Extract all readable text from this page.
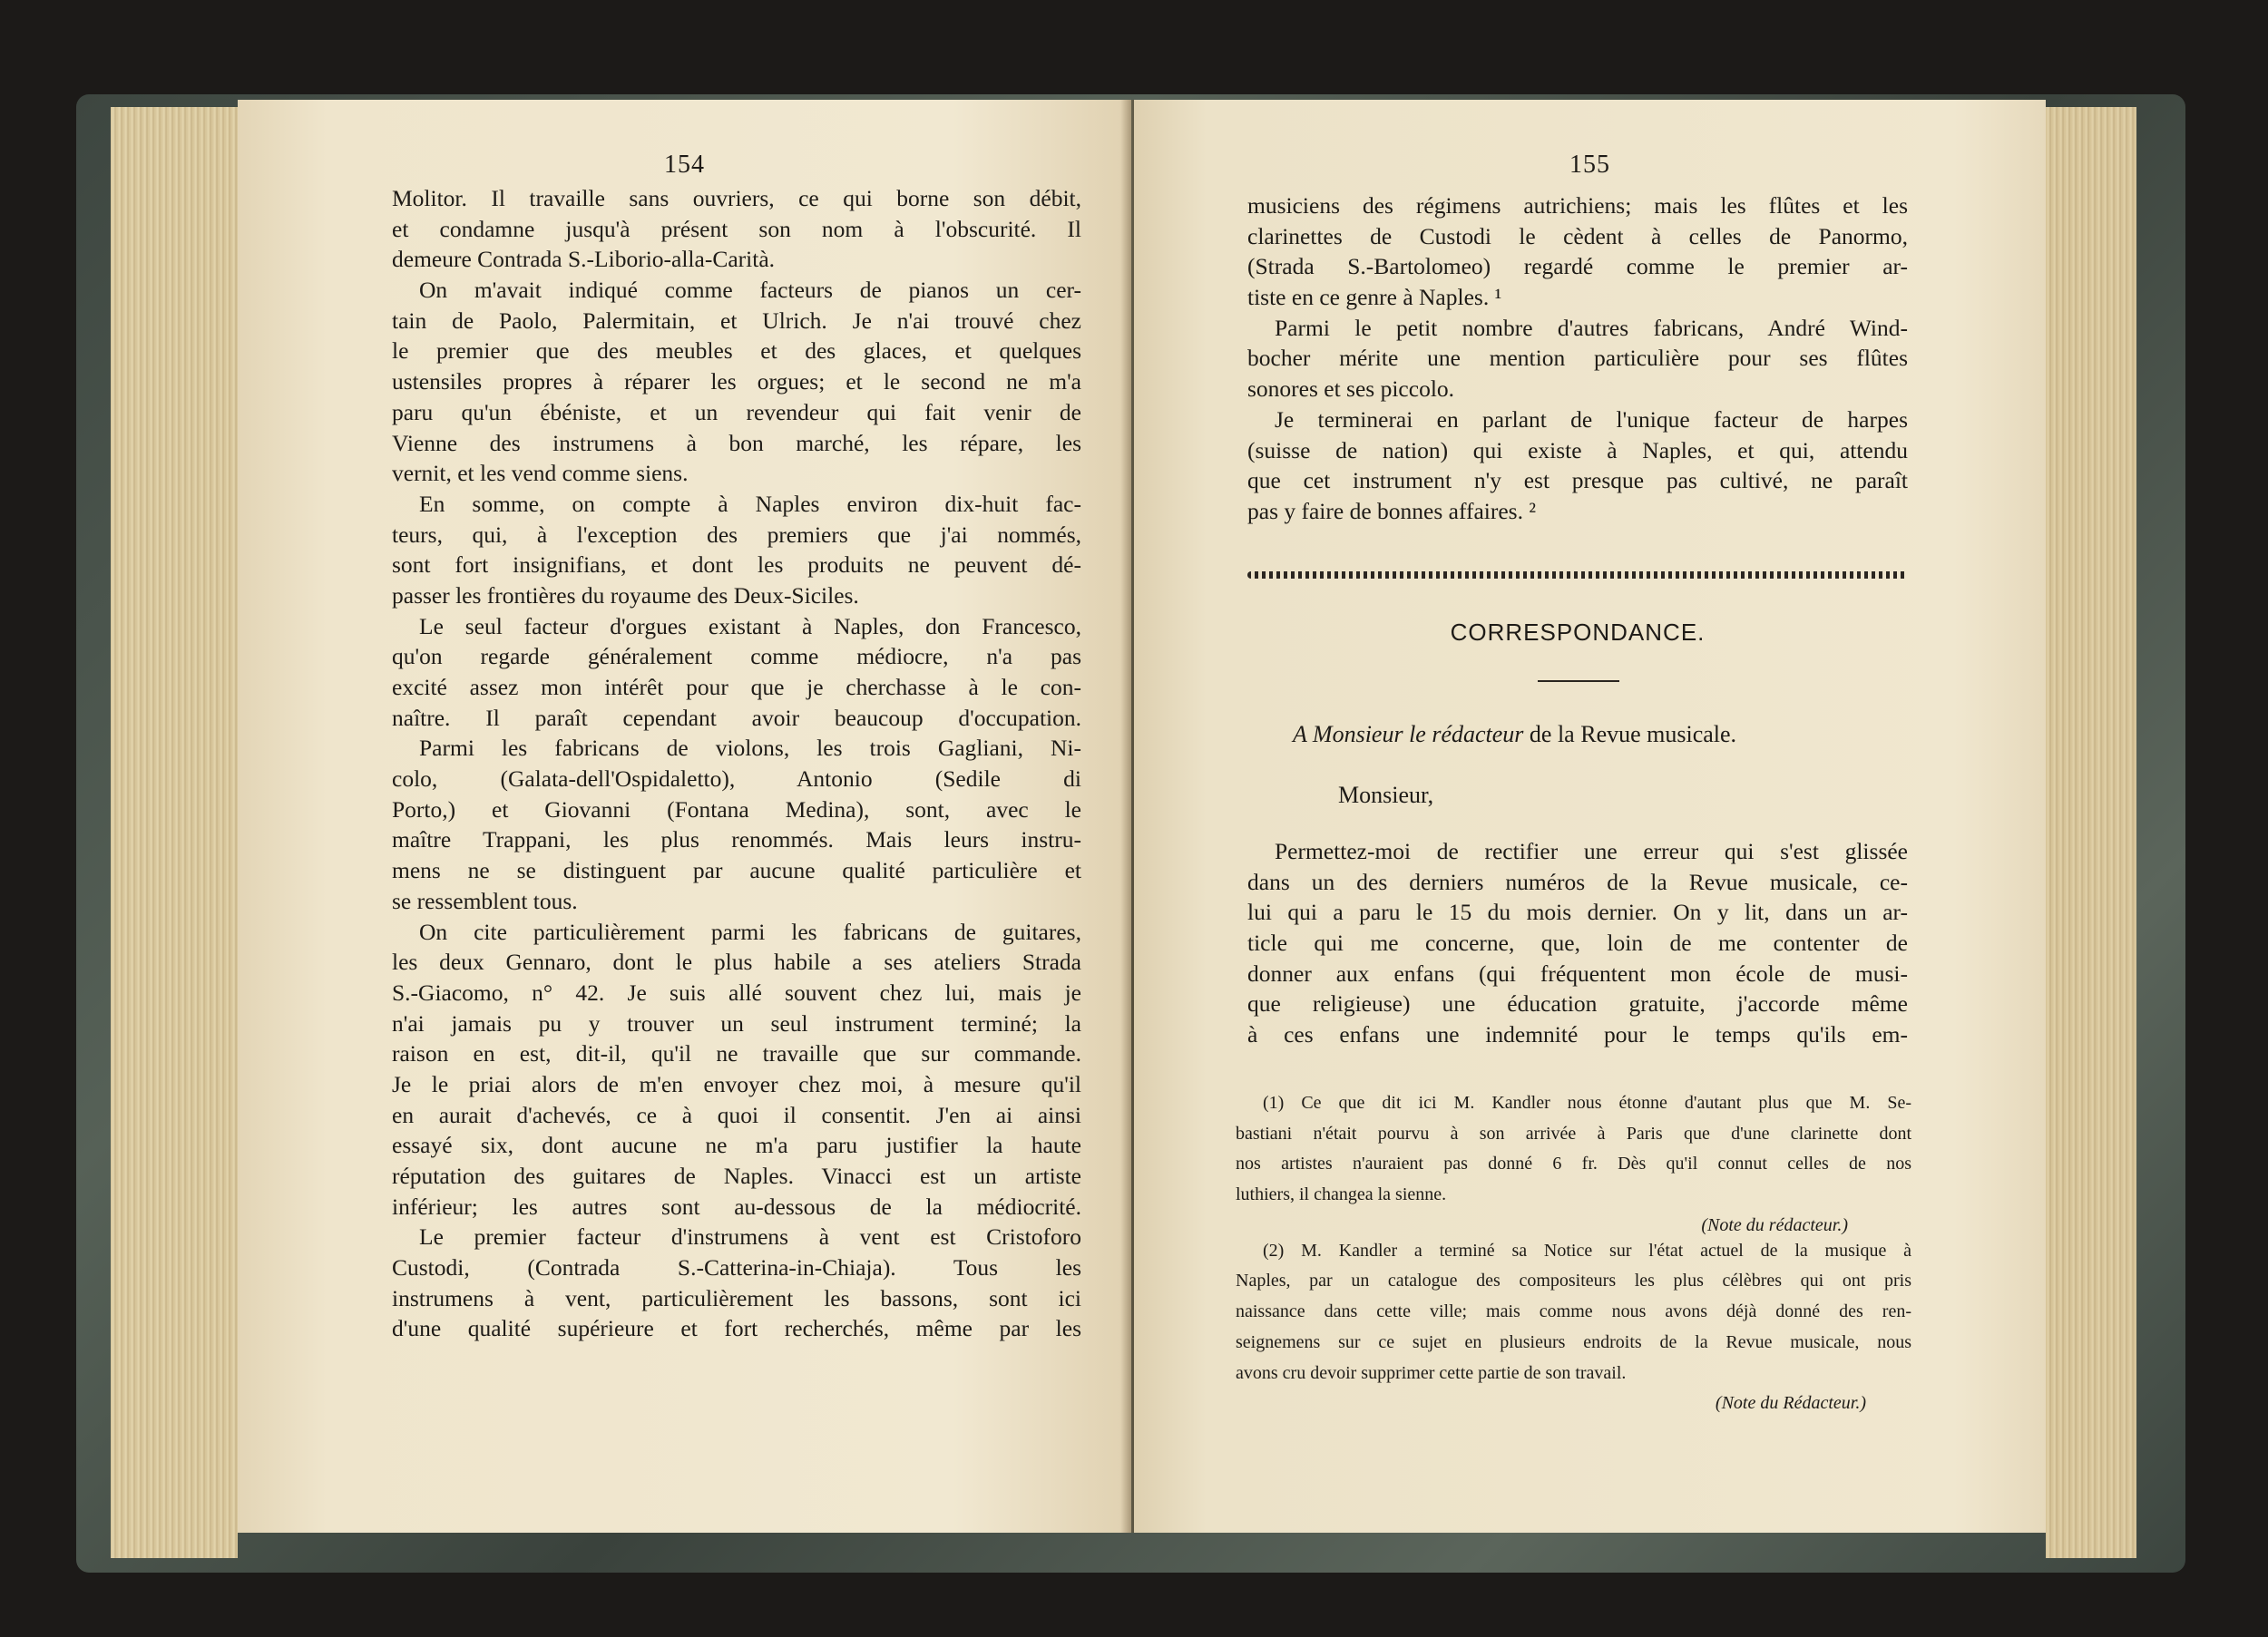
154
Molitor. Il travaille sans ouvriers, ce qui borne son débit,
et condamne jusqu'à présent son nom à l'obscurité. Il
demeure Contrada S.-Liborio-alla-Carità.
On m'avait indiqué comme facteurs de pianos un cer-
tain de Paolo, Palermitain, et Ulrich. Je n'ai trouvé chez
le premier que des meubles et des glaces, et quelques
ustensiles propres à réparer les orgues; et le second ne m'a
paru qu'un ébéniste, et un revendeur qui fait venir de
Vienne des instrumens à bon marché, les répare, les
vernit, et les vend comme siens.
En somme, on compte à Naples environ dix-huit fac-
teurs, qui, à l'exception des premiers que j'ai nommés,
sont fort insignifians, et dont les produits ne peuvent dé-
passer les frontières du royaume des Deux-Siciles.
Le seul facteur d'orgues existant à Naples, don Francesco,
qu'on regarde généralement comme médiocre, n'a pas
excité assez mon intérêt pour que je cherchasse à le con-
naître. Il paraît cependant avoir beaucoup d'occupation.
Parmi les fabricans de violons, les trois Gagliani, Ni-
colo, (Galata-dell'Ospidaletto), Antonio (Sedile di
Porto,) et Giovanni (Fontana Medina), sont, avec le
maître Trappani, les plus renommés. Mais leurs instru-
mens ne se distinguent par aucune qualité particulière et
se ressemblent tous.
On cite particulièrement parmi les fabricans de guitares,
les deux Gennaro, dont le plus habile a ses ateliers Strada
S.-Giacomo, n° 42. Je suis allé souvent chez lui, mais je
n'ai jamais pu y trouver un seul instrument terminé; la
raison en est, dit-il, qu'il ne travaille que sur commande.
Je le priai alors de m'en envoyer chez moi, à mesure qu'il
en aurait d'achevés, ce à quoi il consentit. J'en ai ainsi
essayé six, dont aucune ne m'a paru justifier la haute
réputation des guitares de Naples. Vinacci est un artiste
inférieur; les autres sont au-dessous de la médiocrité.
Le premier facteur d'instrumens à vent est Cristoforo
Custodi, (Contrada S.-Catterina-in-Chiaja). Tous les
instrumens à vent, particulièrement les bassons, sont ici
d'une qualité supérieure et fort recherchés, même par les
155
musiciens des régimens autrichiens; mais les flûtes et les
clarinettes de Custodi le cèdent à celles de Panormo,
(Strada S.-Bartolomeo) regardé comme le premier ar-
tiste en ce genre à Naples. ¹
Parmi le petit nombre d'autres fabricans, André Wind-
bocher mérite une mention particulière pour ses flûtes
sonores et ses piccolo.
Je terminerai en parlant de l'unique facteur de harpes
(suisse de nation) qui existe à Naples, et qui, attendu
que cet instrument n'y est presque pas cultivé, ne paraît
pas y faire de bonnes affaires. ²
CORRESPONDANCE.
A Monsieur le rédacteur de la Revue musicale.
Monsieur,
Permettez-moi de rectifier une erreur qui s'est glissée
dans un des derniers numéros de la Revue musicale, ce-
lui qui a paru le 15 du mois dernier. On y lit, dans un ar-
ticle qui me concerne, que, loin de me contenter de
donner aux enfans (qui fréquentent mon école de musi-
que religieuse) une éducation gratuite, j'accorde même
à ces enfans une indemnité pour le temps qu'ils em-
(1) Ce que dit ici M. Kandler nous étonne d'autant plus que M. Se-
bastiani n'était pourvu à son arrivée à Paris que d'une clarinette dont
nos artistes n'auraient pas donné 6 fr. Dès qu'il connut celles de nos
luthiers, il changea la sienne.
(Note du rédacteur.)
(2) M. Kandler a terminé sa Notice sur l'état actuel de la musique à
Naples, par un catalogue des compositeurs les plus célèbres qui ont pris
naissance dans cette ville; mais comme nous avons déjà donné des ren-
seignemens sur ce sujet en plusieurs endroits de la Revue musicale, nous
avons cru devoir supprimer cette partie de son travail.
(Note du Rédacteur.)
